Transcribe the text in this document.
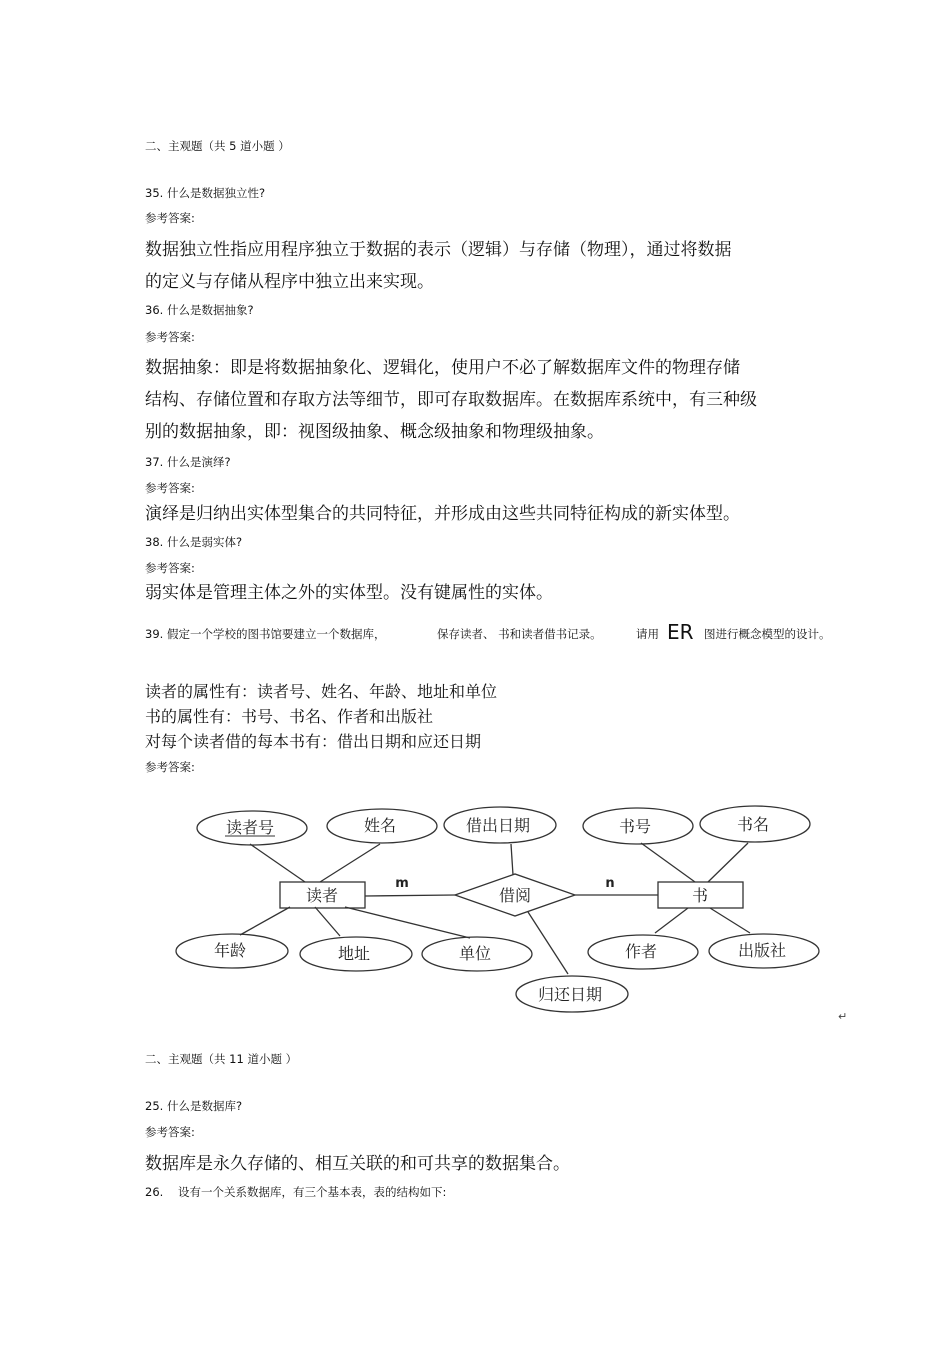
二、主观题（共 5 道小题 ）
35. 什么是数据独立性?
参考答案:
数据独立性指应用程序独立于数据的表示（逻辑）与存储（物理），通过将数据
的定义与存储从程序中独立出来实现。
36. 什么是数据抽象?
参考答案:
数据抽象：即是将数据抽象化、逻辑化，使用户不必了解数据库文件的物理存储
结构、存储位置和存取方法等细节，即可存取数据库。在数据库系统中，有三种级
别的数据抽象，即：视图级抽象、概念级抽象和物理级抽象。
37. 什么是演绎?
参考答案:
演绎是归纳出实体型集合的共同特征，并形成由这些共同特征构成的新实体型。
38. 什么是弱实体?
参考答案:
弱实体是管理主体之外的实体型。没有键属性的实体。
39. 假定一个学校的图书馆要建立一个数据库，	保存读者、 书和读者借书记录。	请用 ER 图进行概念模型的设计。
读者的属性有：读者号、姓名、年龄、地址和单位
书的属性有：书号、书名、作者和出版社
对每个读者借的每本书有：借出日期和应还日期
参考答案:
读者号	姓名	借出日期	书号	书名
读者	书
借阅
年龄	地址	单位	作者	出版社
归还日期
m	n
↵
二、主观题（共 11 道小题 ）
25. 什么是数据库?
参考答案:
数据库是永久存储的、相互关联的和可共享的数据集合。
26. 设有一个关系数据库，有三个基本表，表的结构如下:
